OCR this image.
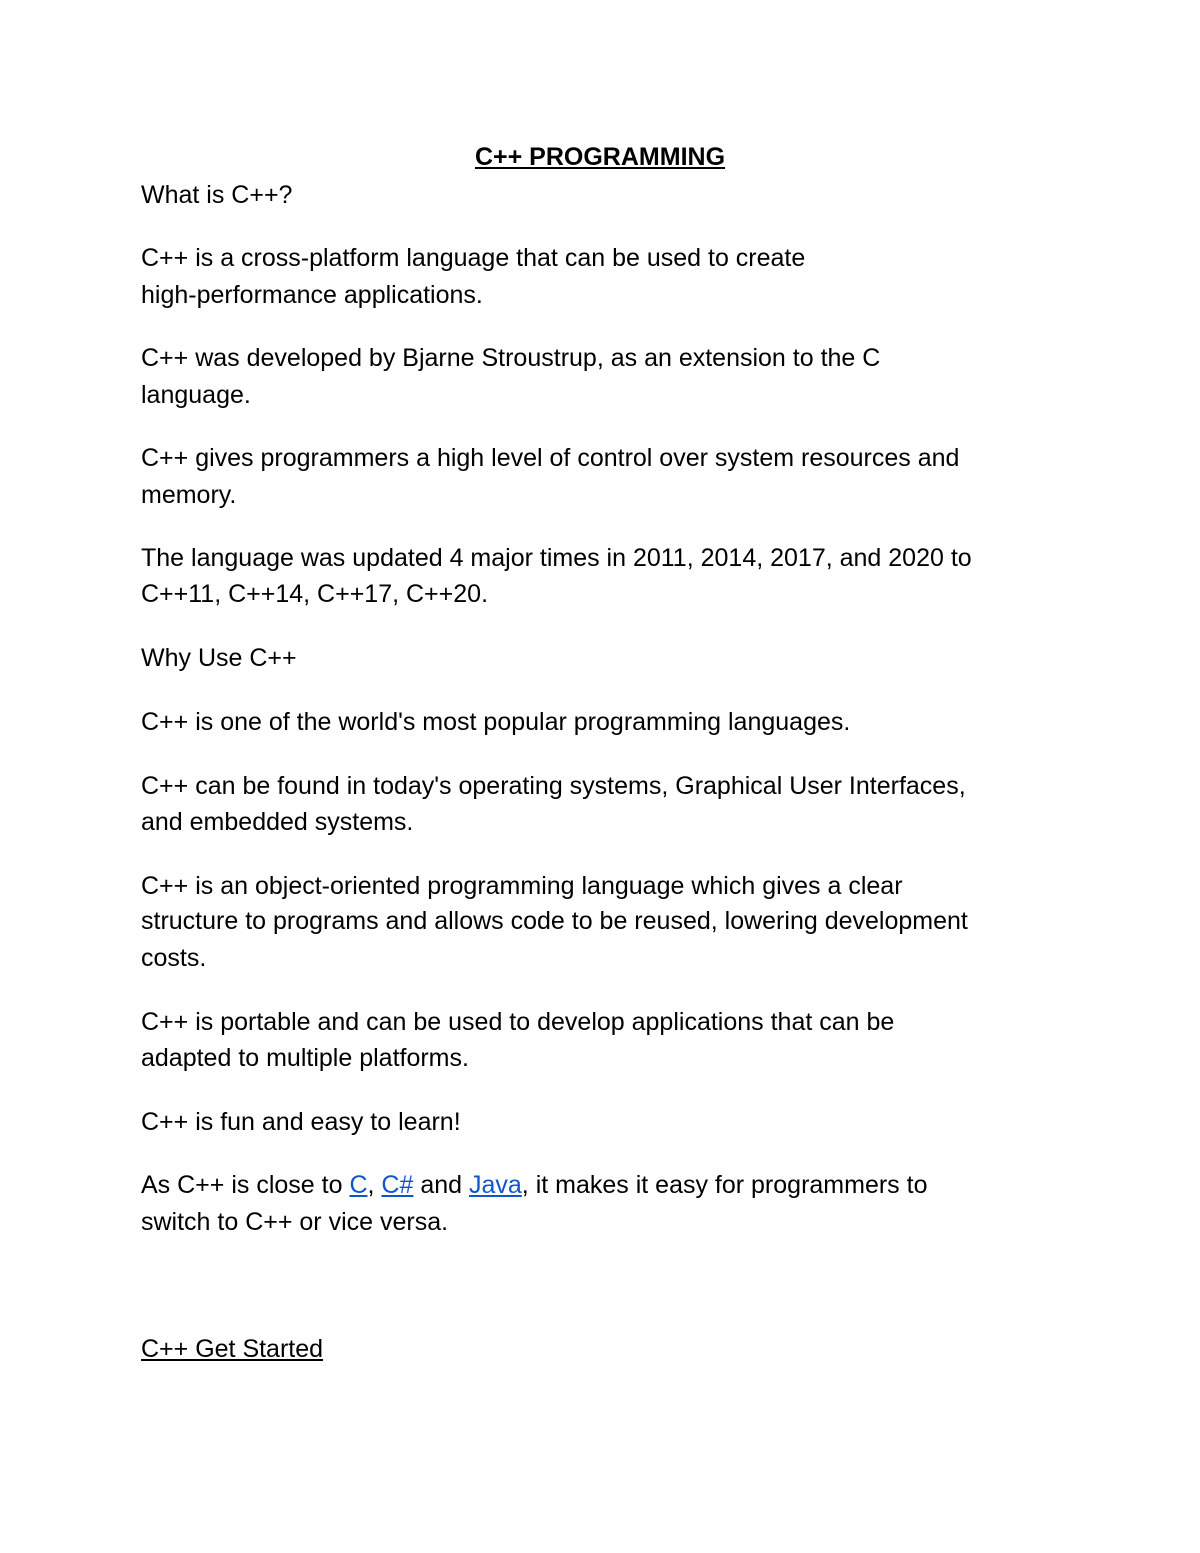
C++ PROGRAMMING

What is C++?

C++ is a cross-platform language that can be used to create

high-performance applications.

C++ was developed by Bjarne Stroustrup, as an extension to the C

language.

C++ gives programmers a high level of control over system resources and

memory.

The language was updated 4 major times in 2011, 2014, 2017, and 2020 to

C++11, C++14, C++17, C++20.

Why Use C++

C++ is one of the world's most popular programming languages.

C++ can be found in today's operating systems, Graphical User Interfaces,

and embedded systems.

C++ is an object-oriented programming language which gives a clear

structure to programs and allows code to be reused, lowering development

costs.

C++ is portable and can be used to develop applications that can be

adapted to multiple platforms.

C++ is fun and easy to learn!

As C++ is close to C, C# and Java, it makes it easy for programmers to

switch to C++ or vice versa.

C++ Get Started
